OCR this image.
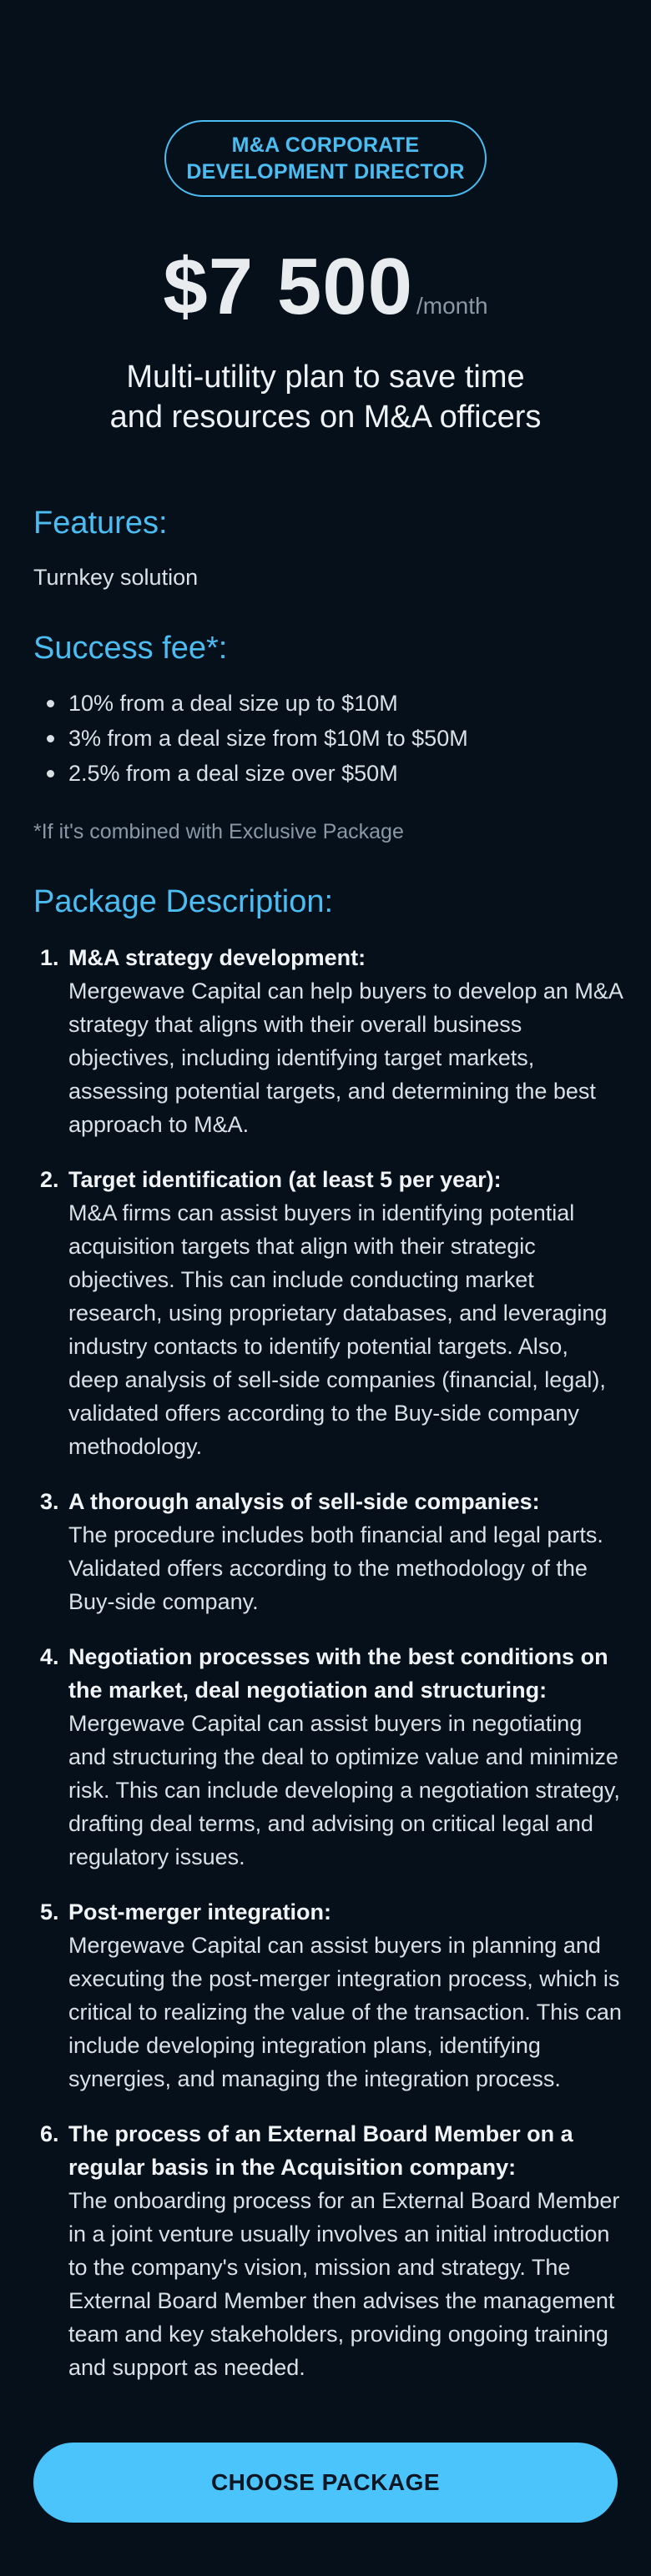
M&A CORPORATE
DEVELOPMENT DIRECTOR
$7 500 /month
Multi-utility plan to save time
and resources on M&A officers
Features:
Turnkey solution
Success fee*:
10% from a deal size up to $10M
3% from a deal size from $10M to $50M
2.5% from a deal size over $50M
*If it's combined with Exclusive Package
Package Description:
1. M&A strategy development:
Mergewave Capital can help buyers to develop an M&A strategy that aligns with their overall business objectives, including identifying target markets, assessing potential targets, and determining the best approach to M&A.
2. Target identification (at least 5 per year):
M&A firms can assist buyers in identifying potential acquisition targets that align with their strategic objectives. This can include conducting market research, using proprietary databases, and leveraging industry contacts to identify potential targets. Also, deep analysis of sell-side companies (financial, legal), validated offers according to the Buy-side company methodology.
3. A thorough analysis of sell-side companies:
The procedure includes both financial and legal parts. Validated offers according to the methodology of the Buy-side company.
4. Negotiation processes with the best conditions on the market, deal negotiation and structuring:
Mergewave Capital can assist buyers in negotiating and structuring the deal to optimize value and minimize risk. This can include developing a negotiation strategy, drafting deal terms, and advising on critical legal and regulatory issues.
5. Post-merger integration:
Mergewave Capital can assist buyers in planning and executing the post-merger integration process, which is critical to realizing the value of the transaction. This can include developing integration plans, identifying synergies, and managing the integration process.
6. The process of an External Board Member on a regular basis in the Acquisition company:
The onboarding process for an External Board Member in a joint venture usually involves an initial introduction to the company's vision, mission and strategy. The External Board Member then advises the management team and key stakeholders, providing ongoing training and support as needed.
CHOOSE PACKAGE
